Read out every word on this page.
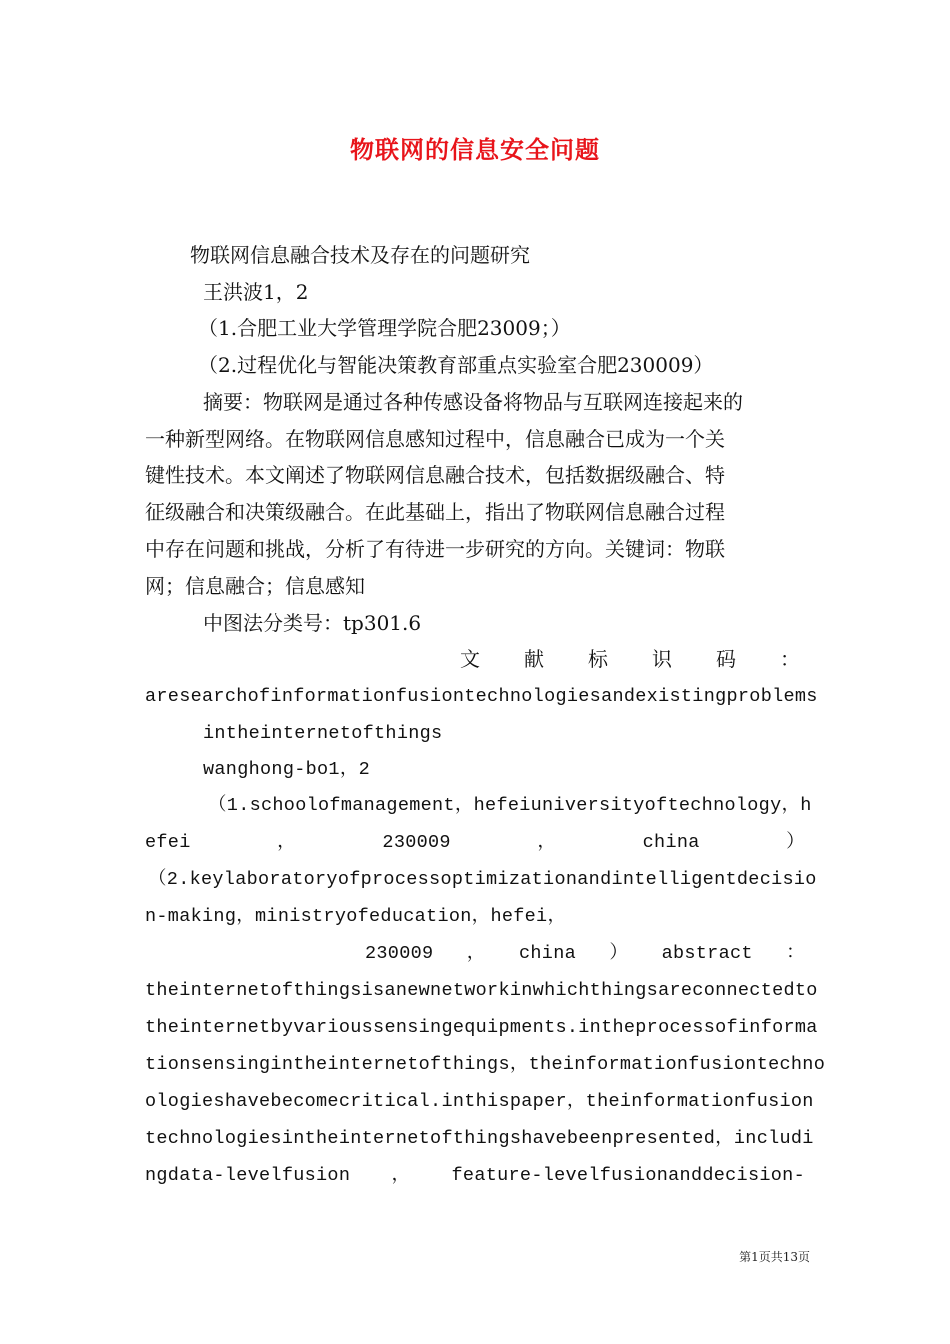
物联网的信息安全问题
物联网信息融合技术及存在的问题研究
王洪波1，2
（1.合肥工业大学管理学院合肥23009；）
（2.过程优化与智能决策教育部重点实验室合肥230009）
摘要：物联网是通过各种传感设备将物品与互联网连接起来的
一种新型网络。在物联网信息感知过程中，信息融合已成为一个关
键性技术。本文阐述了物联网信息融合技术，包括数据级融合、特
征级融合和决策级融合。在此基础上，指出了物联网信息融合过程
中存在问题和挑战，分析了有待进一步研究的方向。关键词：物联
网；信息融合；信息感知
中图法分类号：tp301.6
文 献 标 识 码 ：
aresearchofinformationfusiontechnologiesandexistingproblems
intheinternetofthings
wanghong-bo1，2
（1.schoolofmanagement，hefeiuniversityoftechnology，h
efei	，	230009	，	china	）
（2.keylaboratoryofprocessoptimizationandintelligentdecisio
n-making，ministryofeducation，hefei，
230009 ， china ） abstract ：
theinternetofthingsisanewnetworkinwhichthingsareconnectedto
theinternetbyvarioussensingequipments.intheprocessofinforma
tionsensingintheinternetofthings，theinformationfusiontechno
ologieshavebecomecritical.inthispaper，theinformationfusion
technologiesintheinternetofthingshavebeenpresented，includi
ngdata-levelfusion ， feature-levelfusionanddecision-
第1页共13页
